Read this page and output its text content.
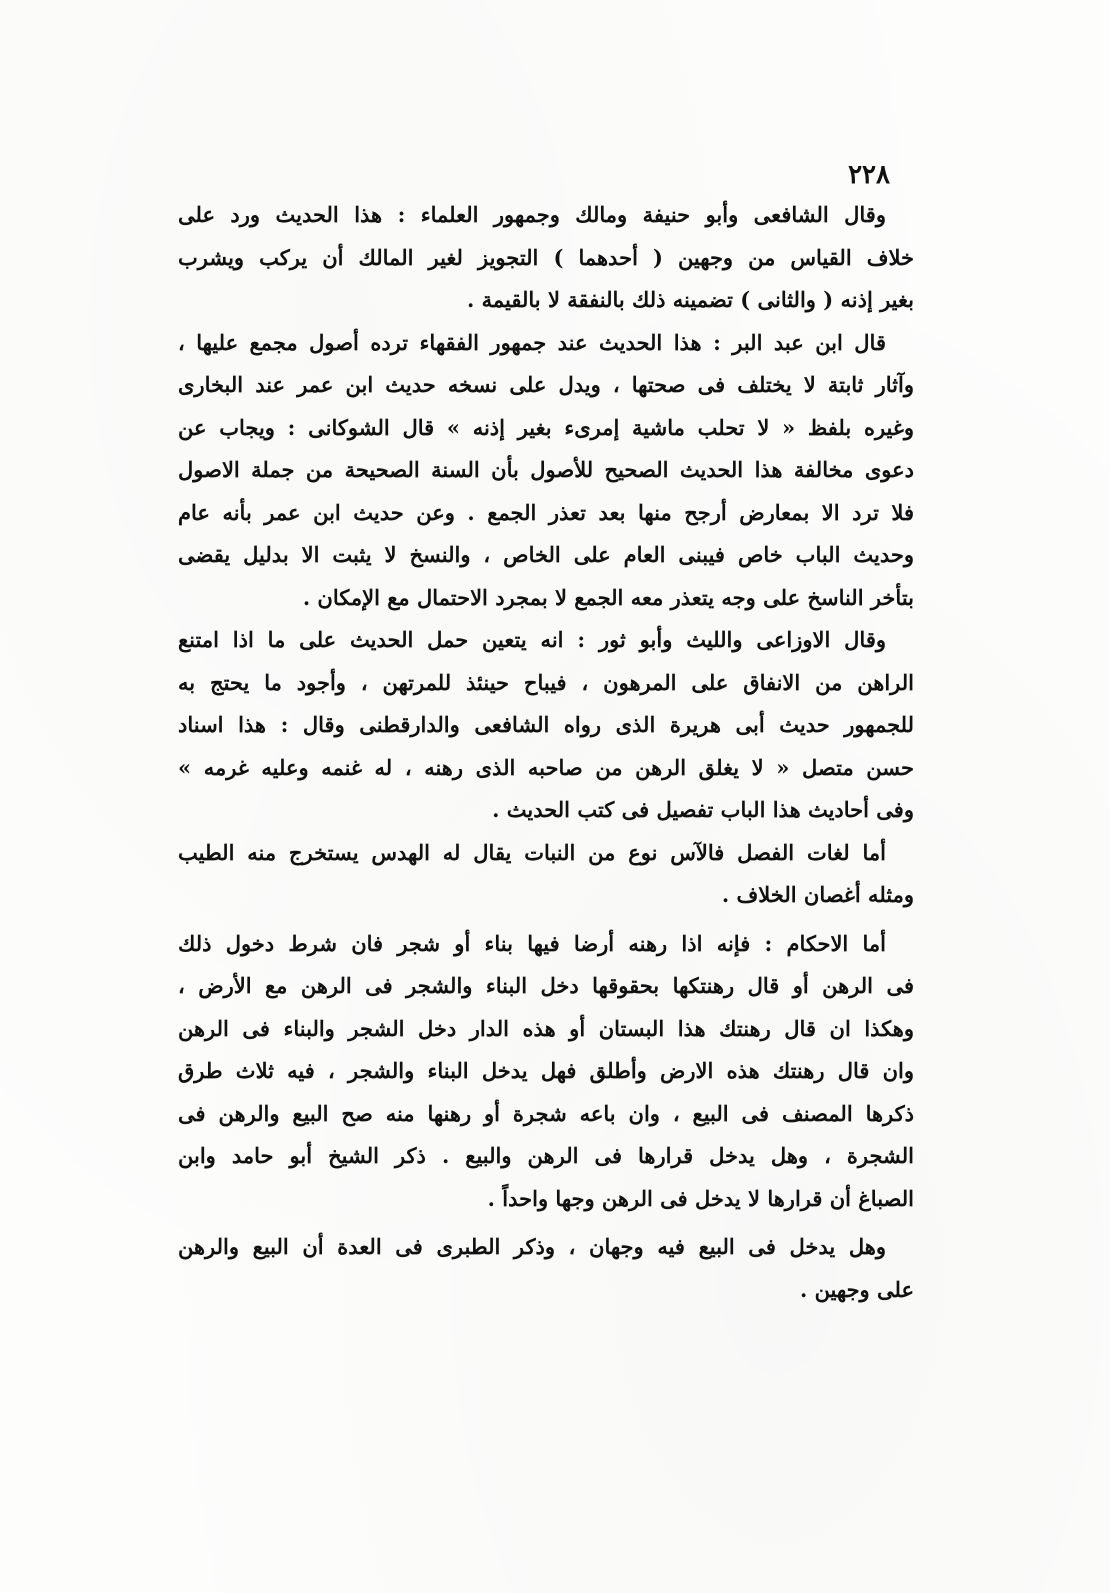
٢٢٨
وقال الشافعى وأبو حنيفة ومالك وجمهور العلماء : هذا الحديث ورد على
خلاف القياس من وجهين ( أحدهما ) التجويز لغير المالك أن يركب ويشرب
بغير إذنه ( والثانى ) تضمينه ذلك بالنفقة لا بالقيمة .
قال ابن عبد البر : هذا الحديث عند جمهور الفقهاء ترده أصول مجمع عليها ،
وآثار ثابتة لا يختلف فى صحتها ، ويدل على نسخه حديث ابن عمر عند البخارى
وغيره بلفظ « لا تحلب ماشية إمرىء بغير إذنه » قال الشوكانى : ويجاب عن
دعوى مخالفة هذا الحديث الصحيح للأصول بأن السنة الصحيحة من جملة الاصول
فلا ترد الا بمعارض أرجح منها بعد تعذر الجمع . وعن حديث ابن عمر بأنه عام
وحديث الباب خاص فيبنى العام على الخاص ، والنسخ لا يثبت الا بدليل يقضى
بتأخر الناسخ على وجه يتعذر معه الجمع لا بمجرد الاحتمال مع الإمكان .
وقال الاوزاعى والليث وأبو ثور : انه يتعين حمل الحديث على ما اذا امتنع
الراهن من الانفاق على المرهون ، فيباح حينئذ للمرتهن ، وأجود ما يحتج به
للجمهور حديث أبى هريرة الذى رواه الشافعى والدارقطنى وقال : هذا اسناد
حسن متصل « لا يغلق الرهن من صاحبه الذى رهنه ، له غنمه وعليه غرمه »
وفى أحاديث هذا الباب تفصيل فى كتب الحديث .
أما لغات الفصل فالآس نوع من النبات يقال له الهدس يستخرج منه الطيب
ومثله أغصان الخلاف .
أما الاحكام : فإنه اذا رهنه أرضا فيها بناء أو شجر فان شرط دخول ذلك
فى الرهن أو قال رهنتكها بحقوقها دخل البناء والشجر فى الرهن مع الأرض ،
وهكذا ان قال رهنتك هذا البستان أو هذه الدار دخل الشجر والبناء فى الرهن
وان قال رهنتك هذه الارض وأطلق فهل يدخل البناء والشجر ، فيه ثلاث طرق
ذكرها المصنف فى البيع ، وان باعه شجرة أو رهنها منه صح البيع والرهن فى
الشجرة ، وهل يدخل قرارها فى الرهن والبيع . ذكر الشيخ أبو حامد وابن
الصباغ أن قرارها لا يدخل فى الرهن وجها واحداً .
وهل يدخل فى البيع فيه وجهان ، وذكر الطبرى فى العدة أن البيع والرهن
على وجهين .
